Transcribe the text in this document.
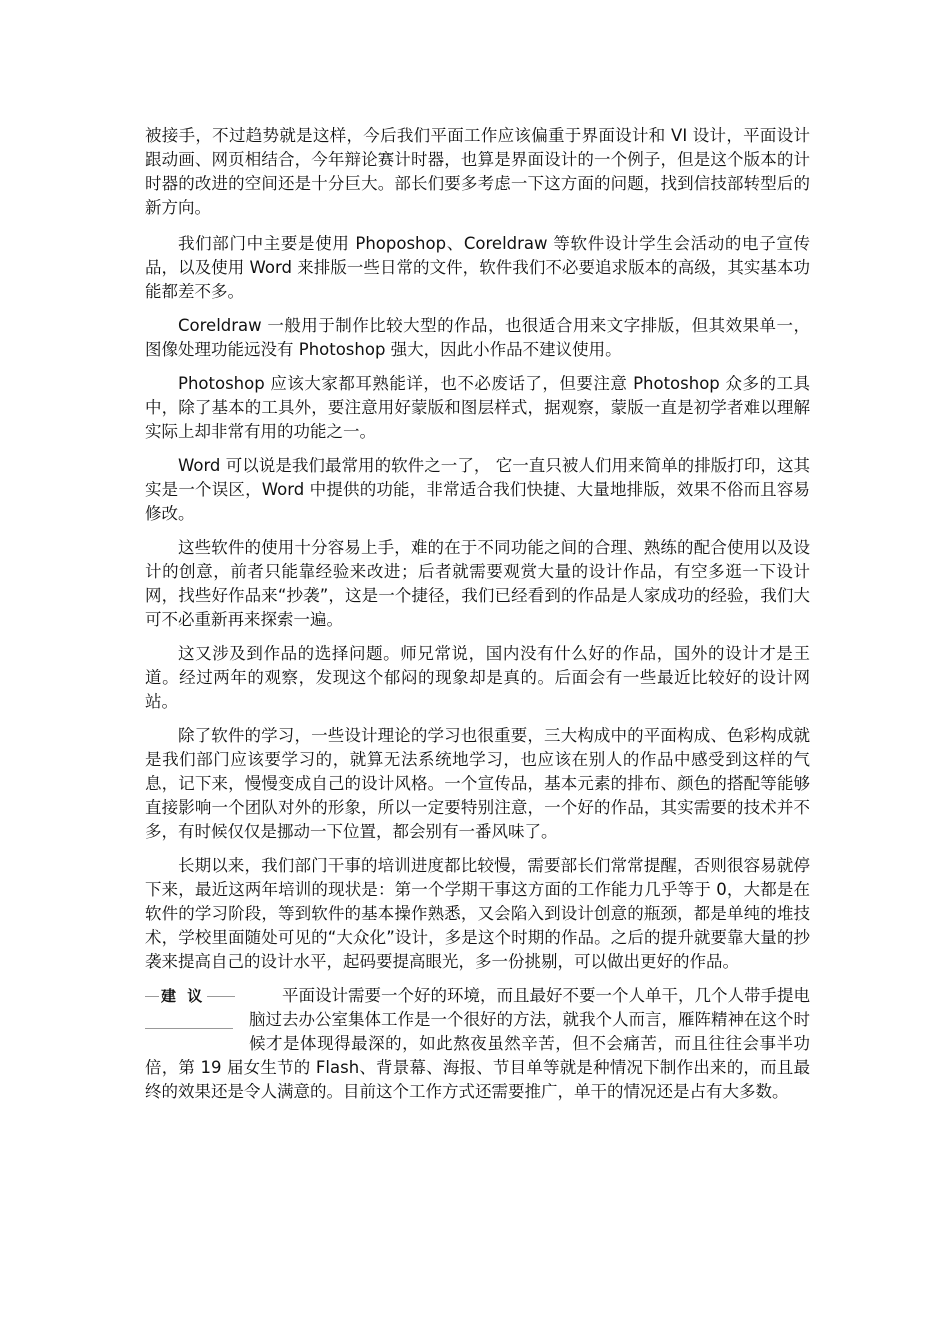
被接手，不过趋势就是这样，今后我们平面工作应该偏重于界面设计和 VI 设计，平面设计跟动画、网页相结合，今年辩论赛计时器，也算是界面设计的一个例子，但是这个版本的计时器的改进的空间还是十分巨大。部长们要多考虑一下这方面的问题，找到信技部转型后的新方向。

我们部门中主要是使用 Phoposhop、Coreldraw 等软件设计学生会活动的电子宣传品，以及使用 Word 来排版一些日常的文件，软件我们不必要追求版本的高级，其实基本功能都差不多。

Coreldraw 一般用于制作比较大型的作品，也很适合用来文字排版，但其效果单一，图像处理功能远没有 Photoshop 强大，因此小作品不建议使用。

Photoshop 应该大家都耳熟能详，也不必废话了，但要注意 Photoshop 众多的工具中，除了基本的工具外，要注意用好蒙版和图层样式，据观察，蒙版一直是初学者难以理解实际上却非常有用的功能之一。

Word 可以说是我们最常用的软件之一了， 它一直只被人们用来简单的排版打印，这其实是一个误区，Word 中提供的功能，非常适合我们快捷、大量地排版，效果不俗而且容易修改。

这些软件的使用十分容易上手，难的在于不同功能之间的合理、熟练的配合使用以及设计的创意，前者只能靠经验来改进；后者就需要观赏大量的设计作品，有空多逛一下设计网，找些好作品来“抄袭”，这是一个捷径，我们已经看到的作品是人家成功的经验，我们大可不必重新再来探索一遍。

这又涉及到作品的选择问题。师兄常说，国内没有什么好的作品，国外的设计才是王道。经过两年的观察，发现这个郁闷的现象却是真的。后面会有一些最近比较好的设计网站。

除了软件的学习，一些设计理论的学习也很重要，三大构成中的平面构成、色彩构成就是我们部门应该要学习的，就算无法系统地学习，也应该在别人的作品中感受到这样的气息，记下来，慢慢变成自己的设计风格。一个宣传品，基本元素的排布、颜色的搭配等能够直接影响一个团队对外的形象，所以一定要特别注意，一个好的作品，其实需要的技术并不多，有时候仅仅是挪动一下位置，都会别有一番风味了。

长期以来，我们部门干事的培训进度都比较慢，需要部长们常常提醒，否则很容易就停下来，最近这两年培训的现状是：第一个学期干事这方面的工作能力几乎等于 0，大都是在软件的学习阶段，等到软件的基本操作熟悉，又会陷入到设计创意的瓶颈，都是单纯的堆技术，学校里面随处可见的“大众化”设计，多是这个时期的作品。之后的提升就要靠大量的抄袭来提高自己的设计水平，起码要提高眼光，多一份挑剔，可以做出更好的作品。

建 议	平面设计需要一个好的环境，而且最好不要一个人单干，几个人带手提电脑过去办公室集体工作是一个很好的方法，就我个人而言，雁阵精神在这个时候才是体现得最深的，如此熬夜虽然辛苦，但不会痛苦，而且往往会事半功倍，第 19 届女生节的 Flash、背景幕、海报、节目单等就是种情况下制作出来的，而且最终的效果还是令人满意的。目前这个工作方式还需要推广，单干的情况还是占有大多数。
